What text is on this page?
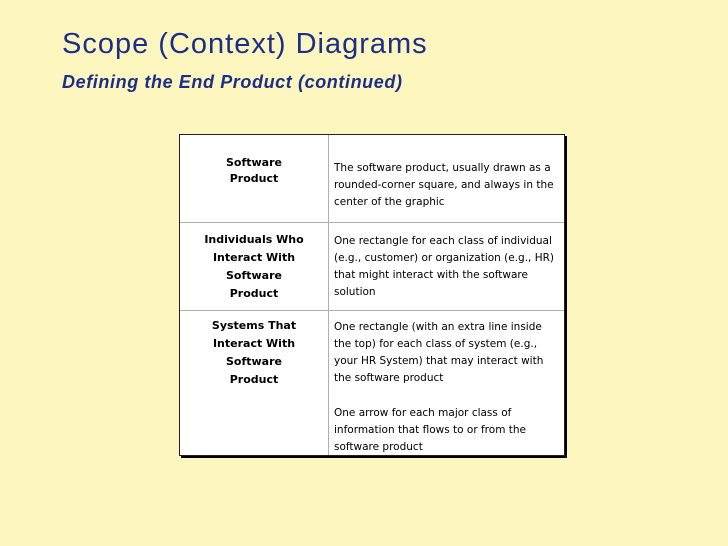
Scope (Context) Diagrams
Defining the End Product (continued)
Software Product
The software product, usually drawn as a rounded-corner square, and always in the center of the graphic
Individuals Who Interact With Software Product
One rectangle for each class of individual (e.g., customer) or organization (e.g., HR) that might interact with the software solution
Systems That Interact With Software Product
One rectangle (with an extra line inside the top) for each class of system (e.g., your HR System) that may interact with the software product
One arrow for each major class of information that flows to or from the software product
